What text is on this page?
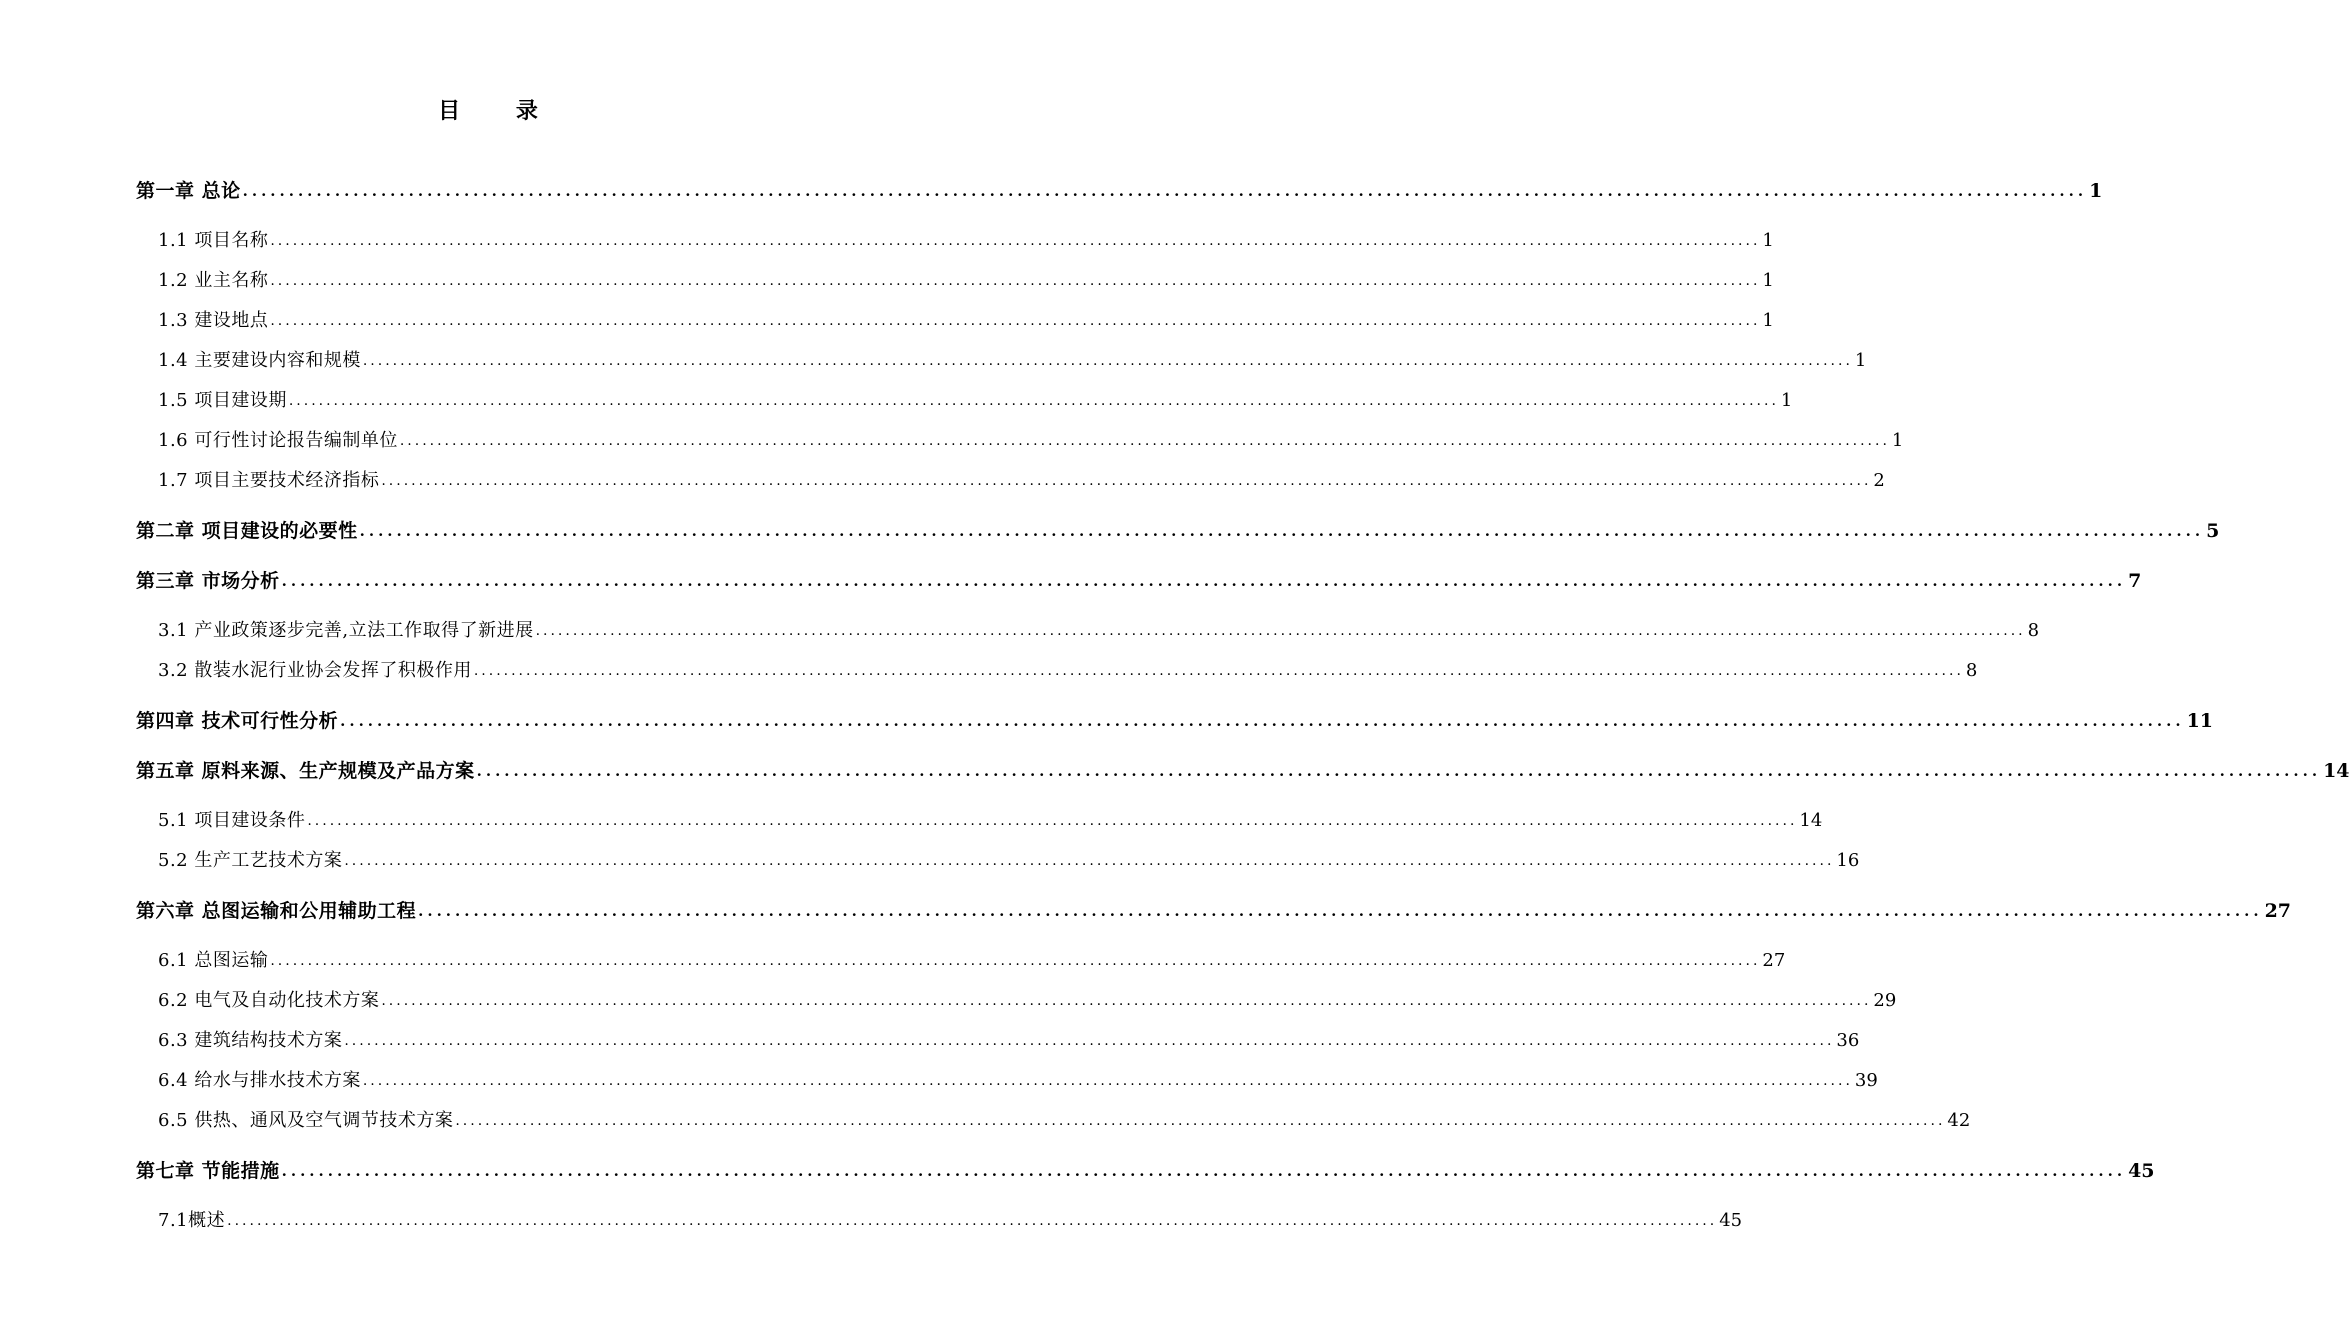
目 录
第一章 总论 ........................................................................................................................................................................................................ 1
1.1 项目名称 ........................................................................................................................................................................................................ 1
1.2 业主名称 ........................................................................................................................................................................................................ 1
1.3 建设地点 ........................................................................................................................................................................................................ 1
1.4 主要建设内容和规模 ........................................................................................................................................................................................................ 1
1.5 项目建设期 ........................................................................................................................................................................................................ 1
1.6 可行性讨论报告编制单位 ........................................................................................................................................................................................................ 1
1.7 项目主要技术经济指标 ........................................................................................................................................................................................................ 2
第二章 项目建设的必要性 ........................................................................................................................................................................................................ 5
第三章 市场分析 ........................................................................................................................................................................................................ 7
3.1 产业政策逐步完善,立法工作取得了新进展 ........................................................................................................................................................................................................ 8
3.2 散装水泥行业协会发挥了积极作用 ........................................................................................................................................................................................................ 8
第四章 技术可行性分析 ........................................................................................................................................................................................................ 11
第五章 原料来源、生产规模及产品方案 ........................................................................................................................................................................................................ 14
5.1 项目建设条件 ........................................................................................................................................................................................................ 14
5.2 生产工艺技术方案 ........................................................................................................................................................................................................ 16
第六章 总图运输和公用辅助工程 ........................................................................................................................................................................................................ 27
6.1 总图运输 ........................................................................................................................................................................................................ 27
6.2 电气及自动化技术方案 ........................................................................................................................................................................................................ 29
6.3 建筑结构技术方案 ........................................................................................................................................................................................................ 36
6.4 给水与排水技术方案 ........................................................................................................................................................................................................ 39
6.5 供热、通风及空气调节技术方案 ........................................................................................................................................................................................................ 42
第七章 节能措施 ........................................................................................................................................................................................................ 45
7.1概述 ........................................................................................................................................................................................................ 45
